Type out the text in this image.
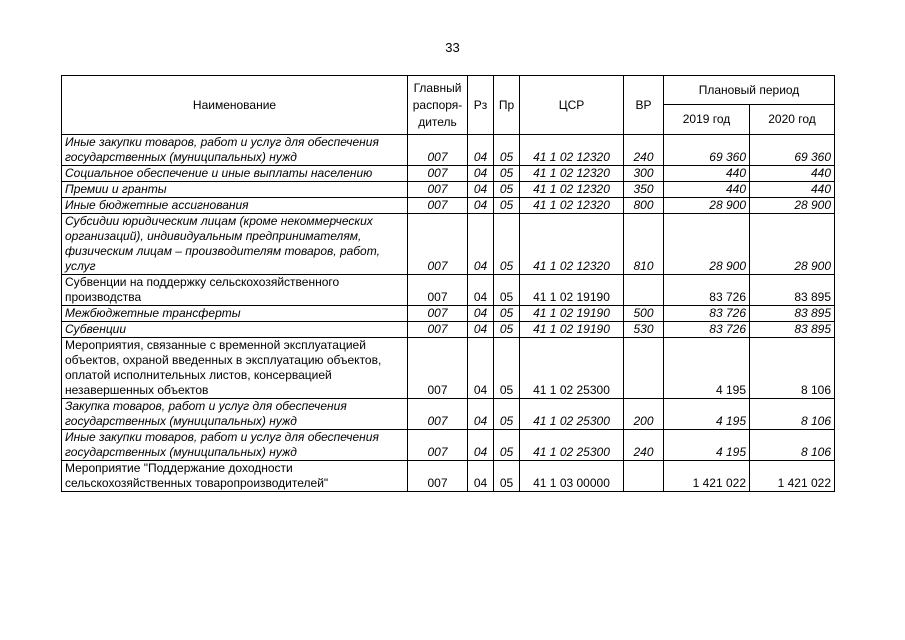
33
Наименование	Главный распоря-дитель	Рз	Пр	ЦСР	ВР	Плановый период	
						2019 год	2020 год
Иные закупки товаров, работ и услуг для обеспечения государственных (муниципальных) нужд	007	04	05	41 1 02 12320	240	69 360	69 360
Социальное обеспечение и иные выплаты населению	007	04	05	41 1 02 12320	300	440	440
Премии и гранты	007	04	05	41 1 02 12320	350	440	440
Иные бюджетные ассигнования	007	04	05	41 1 02 12320	800	28 900	28 900
Субсидии юридическим лицам (кроме некоммерческих организаций), индивидуальным предпринимателям, физическим лицам – производителям товаров, работ, услуг	007	04	05	41 1 02 12320	810	28 900	28 900
Субвенции на поддержку сельскохозяйственного производства	007	04	05	41 1 02 19190		83 726	83 895
Межбюджетные трансферты	007	04	05	41 1 02 19190	500	83 726	83 895
Субвенции	007	04	05	41 1 02 19190	530	83 726	83 895
Мероприятия, связанные с временной эксплуатацией объектов, охраной введенных в эксплуатацию объектов, оплатой исполнительных листов, консервацией незавершенных объектов	007	04	05	41 1 02 25300		4 195	8 106
Закупка товаров, работ и услуг для обеспечения государственных (муниципальных) нужд	007	04	05	41 1 02 25300	200	4 195	8 106
Иные закупки товаров, работ и услуг для обеспечения государственных (муниципальных) нужд	007	04	05	41 1 02 25300	240	4 195	8 106
Мероприятие "Поддержание доходности сельскохозяйственных товаропроизводителей"	007	04	05	41 1 03 00000		1 421 022	1 421 022
